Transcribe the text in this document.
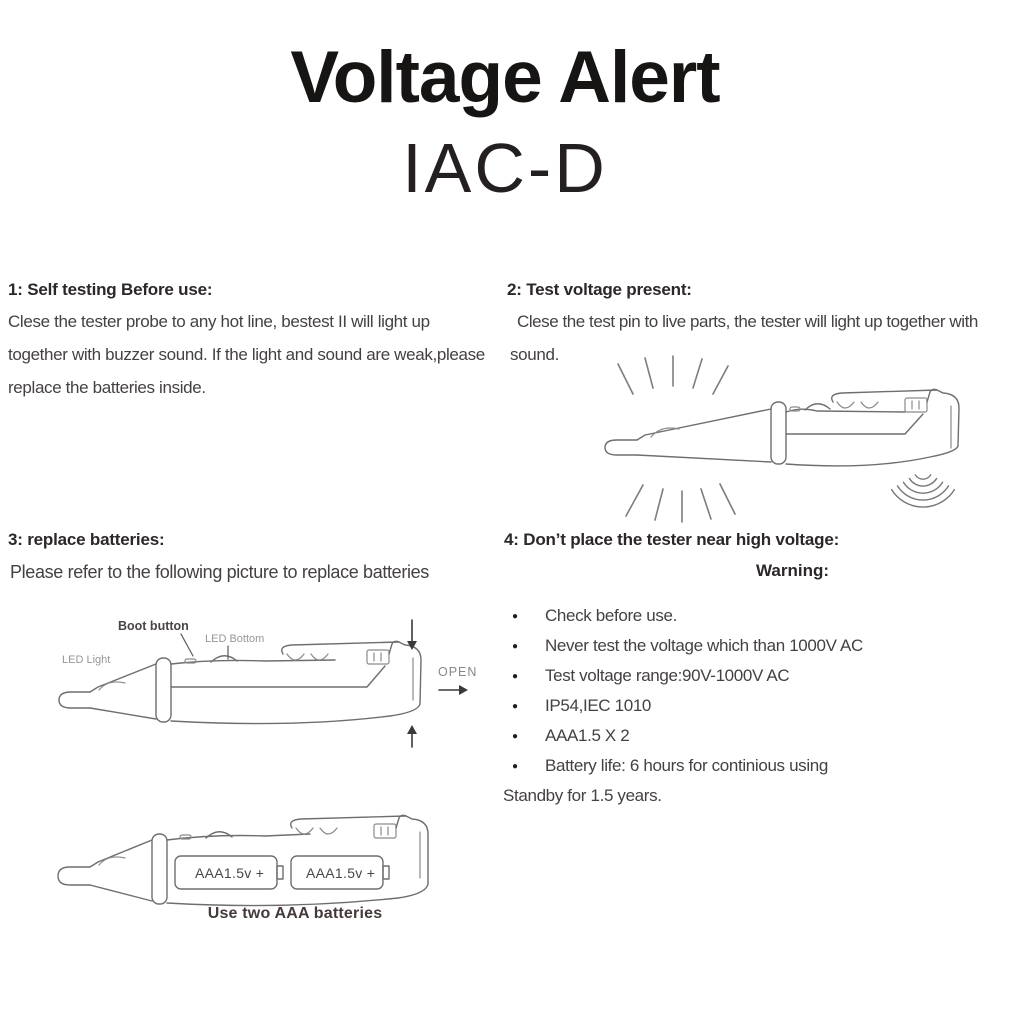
Voltage Alert
IAC-D
1: Self testing Before use:
Clese the tester probe to any hot line, bestest II will light up
together with buzzer sound. If the light and sound are weak,please
replace the batteries inside.
2: Test voltage present:
Clese the test pin to live parts, the tester will light up together with
sound.
3: replace batteries:
Please refer to the following picture to replace batteries
Boot button
LED Bottom
LED Light
OPEN
AAA1.5v +	AAA1.5v +
Use two AAA batteries
4: Don’t place the tester near high voltage:
Warning:
●	Check before use.
●	Never test the voltage which than 1000V AC
●	Test voltage range:90V-1000V AC
●	IP54,IEC 1010
●	AAA1.5 X 2
●	Battery life: 6 hours for continious using
Standby for 1.5 years.
